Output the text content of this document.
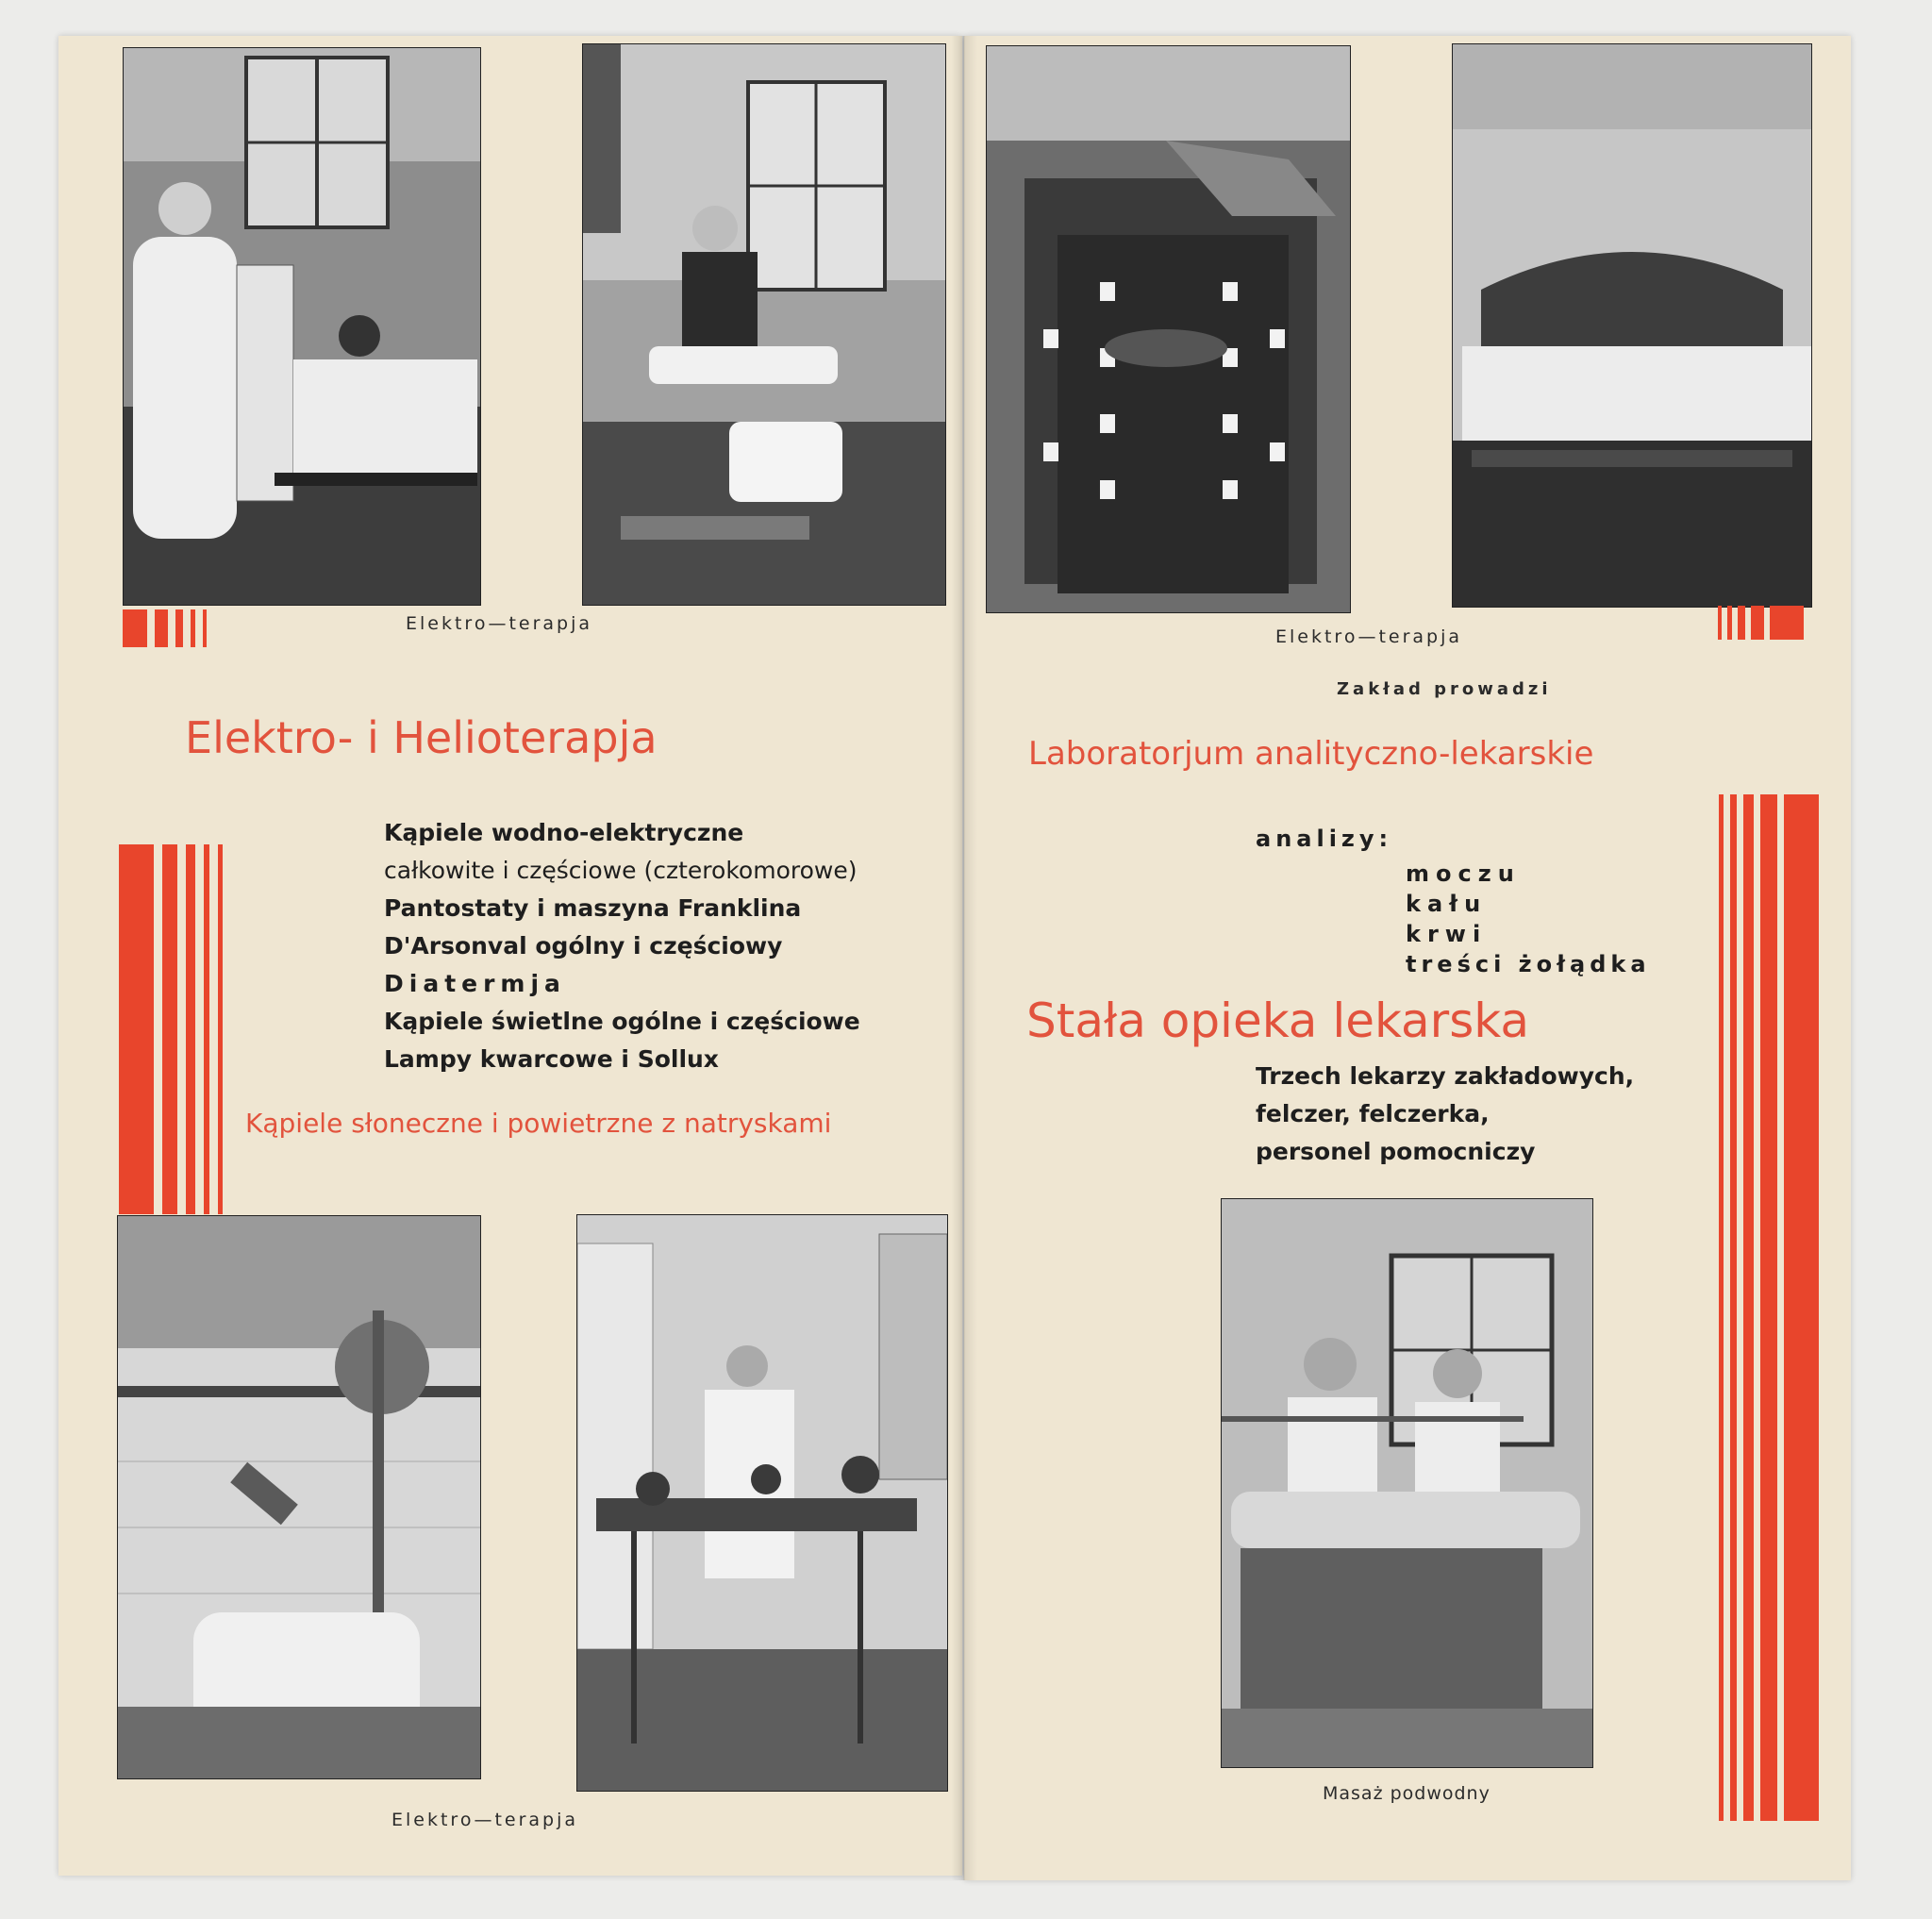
Elektro—terapja
Elektro- i Helioterapja
Kąpiele wodno-elektryczne
całkowite i częściowe (czterokomorowe)
Pantostaty i maszyna Franklina
D'Arsonval ogólny i częściowy
Diatermja
Kąpiele świetlne ogólne i częściowe
Lampy kwarcowe i Sollux
Kąpiele słoneczne i powietrzne z natryskami
Elektro—terapja
Elektro—terapja
Zakład prowadzi
Laboratorjum analityczno-lekarskie
analizy:
moczu
kału
krwi
treści żołądka
Stała opieka lekarska
Trzech lekarzy zakładowych,
felczer, felczerka,
personel pomocniczy
Masaż podwodny
